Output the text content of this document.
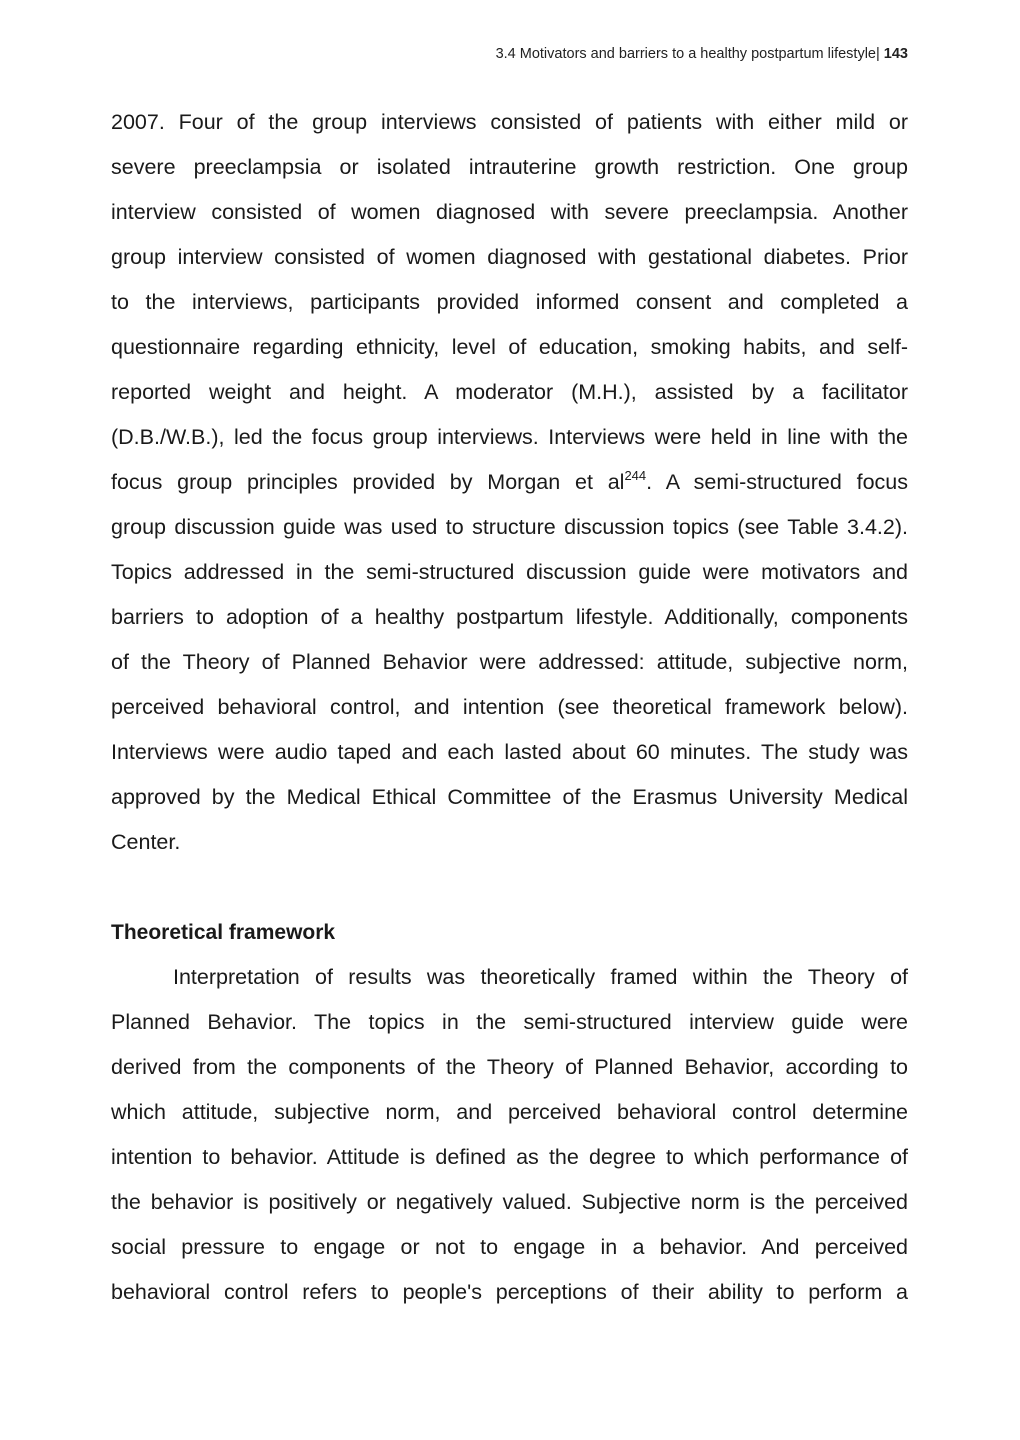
3.4 Motivators and barriers to a healthy postpartum lifestyle| 143
2007. Four of the group interviews consisted of patients with either mild or
severe preeclampsia or isolated intrauterine growth restriction. One group
interview consisted of women diagnosed with severe preeclampsia. Another
group interview consisted of women diagnosed with gestational diabetes. Prior
to the interviews, participants provided informed consent and completed a
questionnaire regarding ethnicity, level of education, smoking habits, and self-
reported weight and height. A moderator (M.H.), assisted by a facilitator
(D.B./W.B.), led the focus group interviews. Interviews were held in line with the
focus group principles provided by Morgan et $al^{244}$. A semi-structured focus
group discussion guide was used to structure discussion topics (see Table 3.4.2).
Topics addressed in the semi-structured discussion guide were motivators and
barriers to adoption of a healthy postpartum lifestyle. Additionally, components
of the Theory of Planned Behavior were addressed: attitude, subjective norm,
perceived behavioral control, and intention (see theoretical framework below).
Interviews were audio taped and each lasted about 60 minutes. The study was
approved by the Medical Ethical Committee of the Erasmus University Medical
Center.
Theoretical framework
Interpretation of results was theoretically framed within the Theory of
Planned Behavior. The topics in the semi-structured interview guide were
derived from the components of the Theory of Planned Behavior, according to
which attitude, subjective norm, and perceived behavioral control determine
intention to behavior. Attitude is defined as the degree to which performance of
the behavior is positively or negatively valued. Subjective norm is the perceived
social pressure to engage or not to engage in a behavior. And perceived
behavioral control refers to people's perceptions of their ability to perform a
